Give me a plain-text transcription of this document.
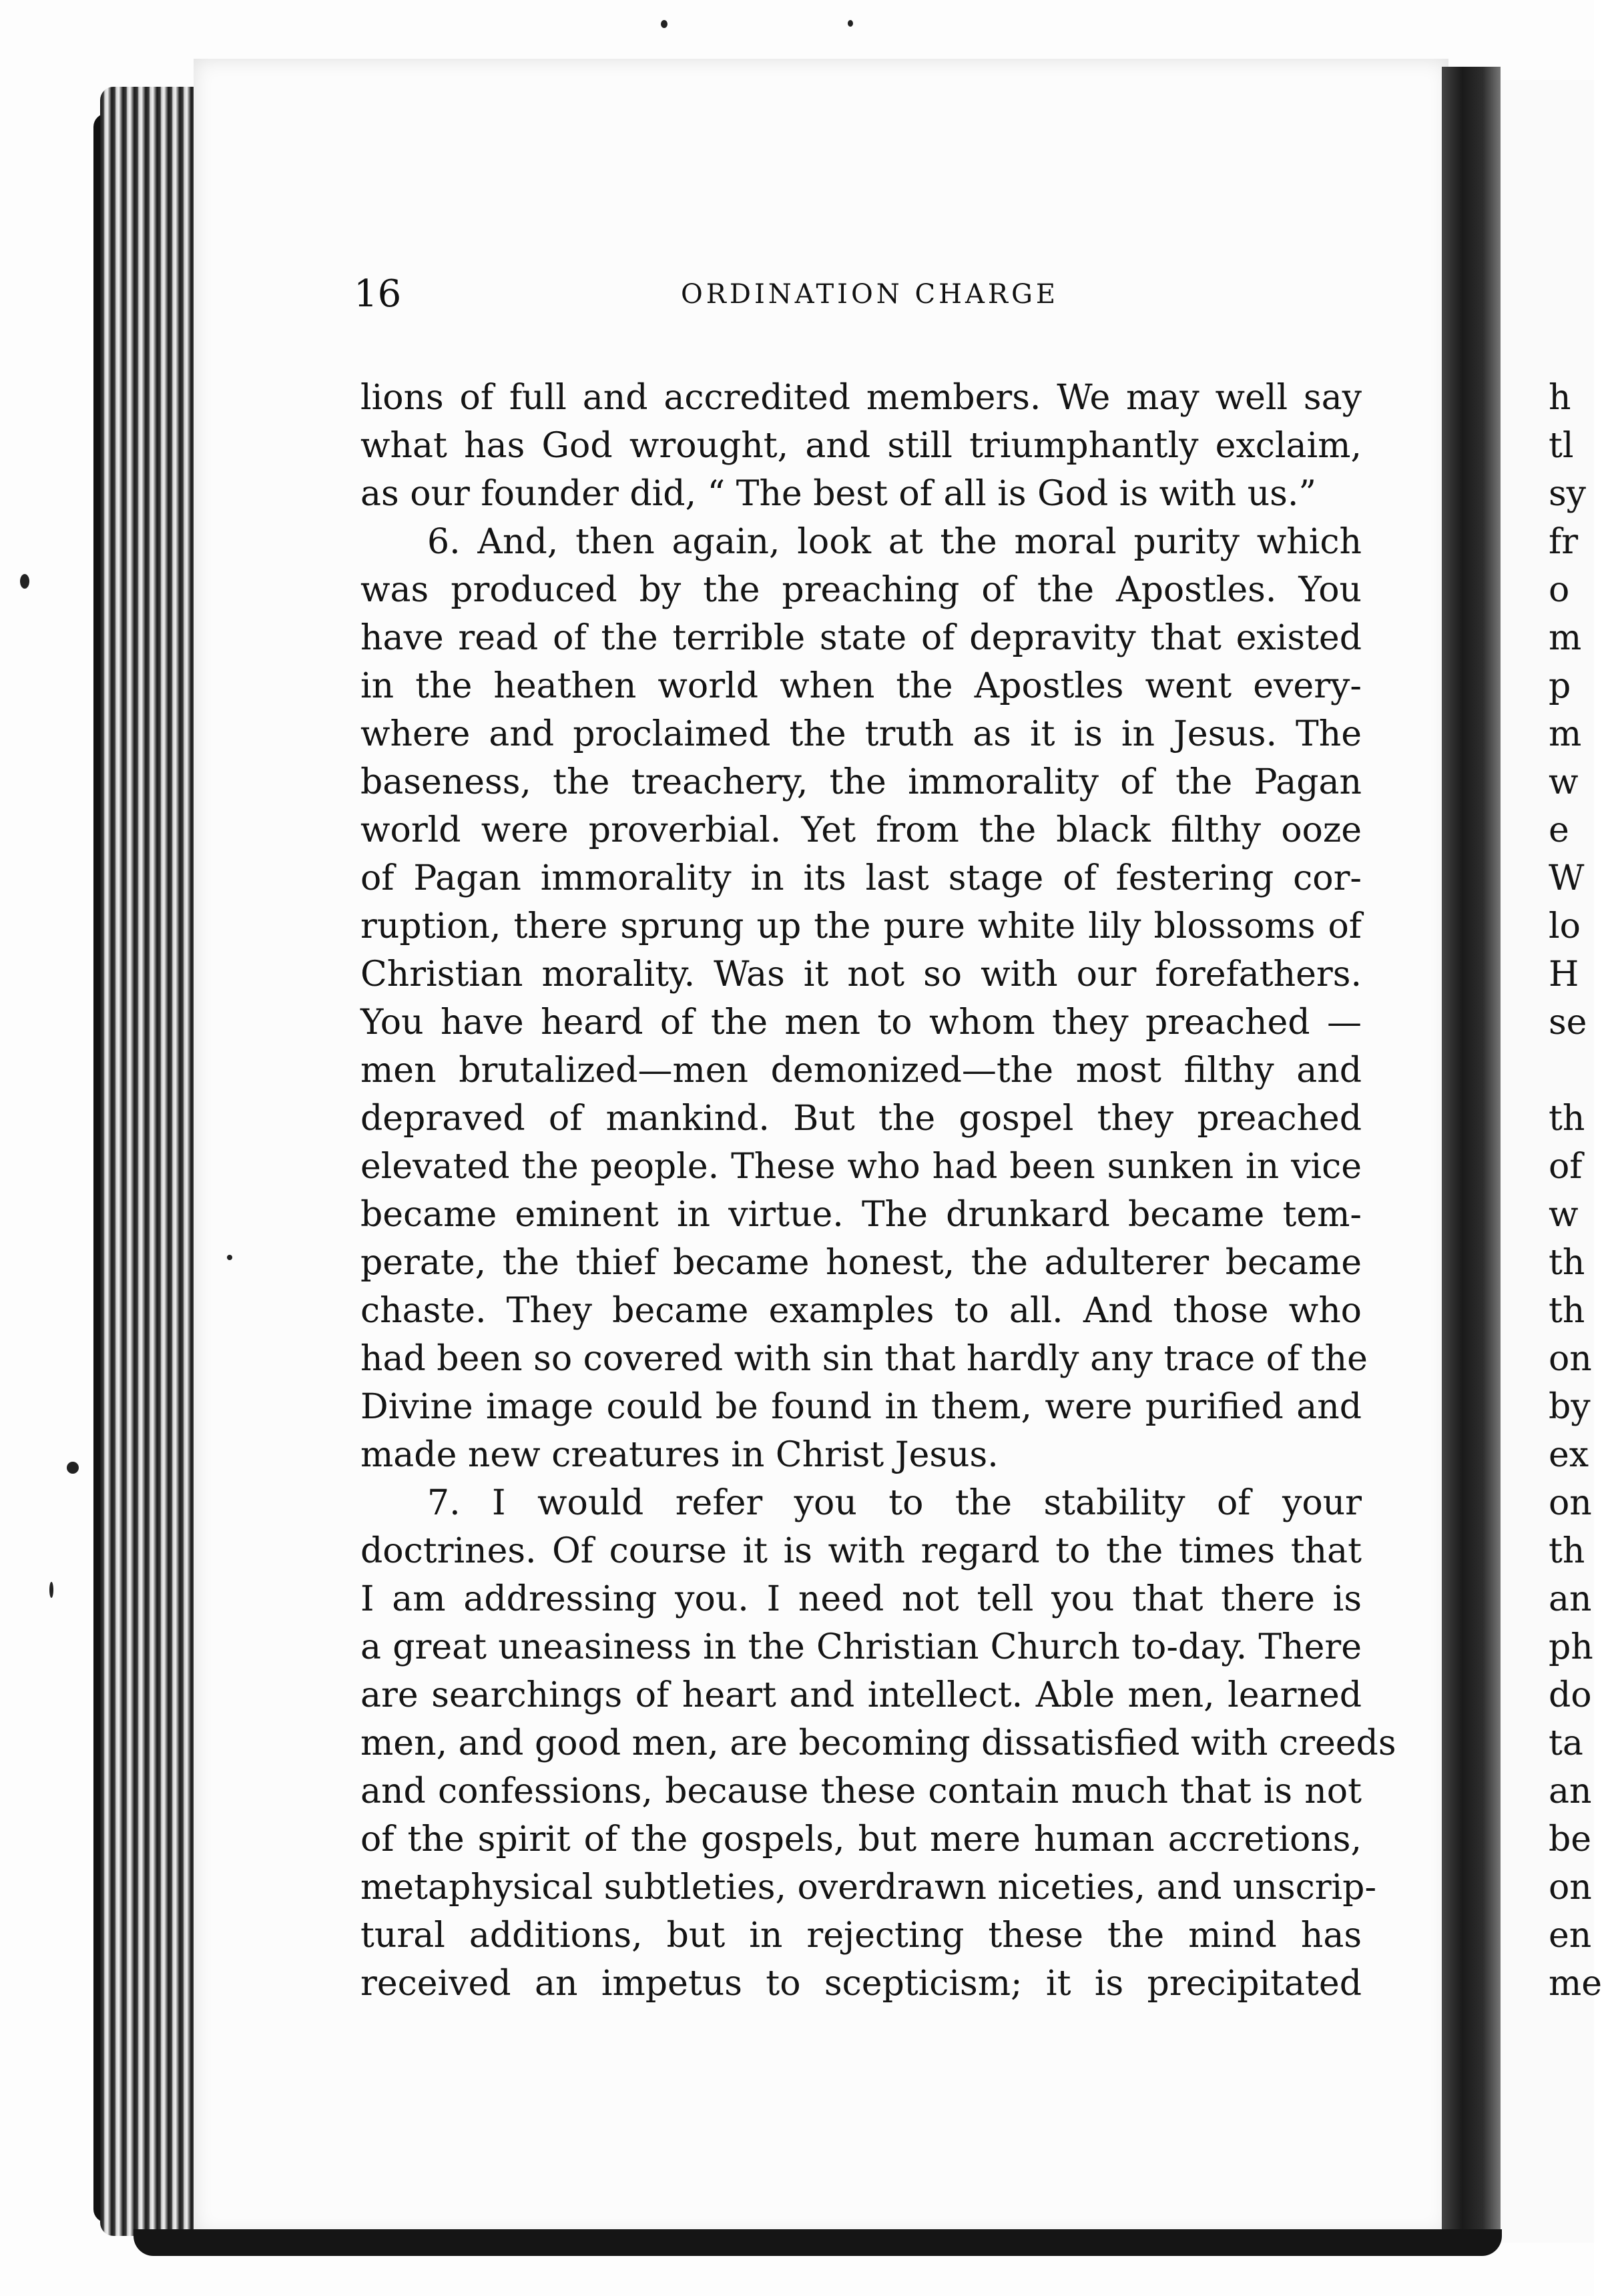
16	ORDINATION CHARGE
lions of full and accredited members. We may well say
what has God wrought, and still triumphantly exclaim,
as our founder did, “ The best of all is God is with us.”
6. And, then again, look at the moral purity which
was produced by the preaching of the Apostles. You
have read of the terrible state of depravity that existed
in the heathen world when the Apostles went every-
where and proclaimed the truth as it is in Jesus. The
baseness, the treachery, the immorality of the Pagan
world were proverbial. Yet from the black filthy ooze
of Pagan immorality in its last stage of festering cor-
ruption, there sprung up the pure white lily blossoms of
Christian morality. Was it not so with our forefathers.
You have heard of the men to whom they preached —
men brutalized—men demonized—the most filthy and
depraved of mankind. But the gospel they preached
elevated the people. These who had been sunken in vice
became eminent in virtue. The drunkard became tem-
perate, the thief became honest, the adulterer became
chaste. They became examples to all. And those who
had been so covered with sin that hardly any trace of the
Divine image could be found in them, were purified and
made new creatures in Christ Jesus.
7. I would refer you to the stability of your
doctrines. Of course it is with regard to the times that
I am addressing you. I need not tell you that there is
a great uneasiness in the Christian Church to-day. There
are searchings of heart and intellect. Able men, learned
men, and good men, are becoming dissatisfied with creeds
and confessions, because these contain much that is not
of the spirit of the gospels, but mere human accretions,
metaphysical subtleties, overdrawn niceties, and unscrip-
tural additions, but in rejecting these the mind has
received an impetus to scepticism; it is precipitated
h
tl
sy
fr
o
m
p
m
w
e
W
lo
H
se
th
of
w
th
th
on
by
ex
on
th
an
ph
do
ta
an
be
on
en
me
